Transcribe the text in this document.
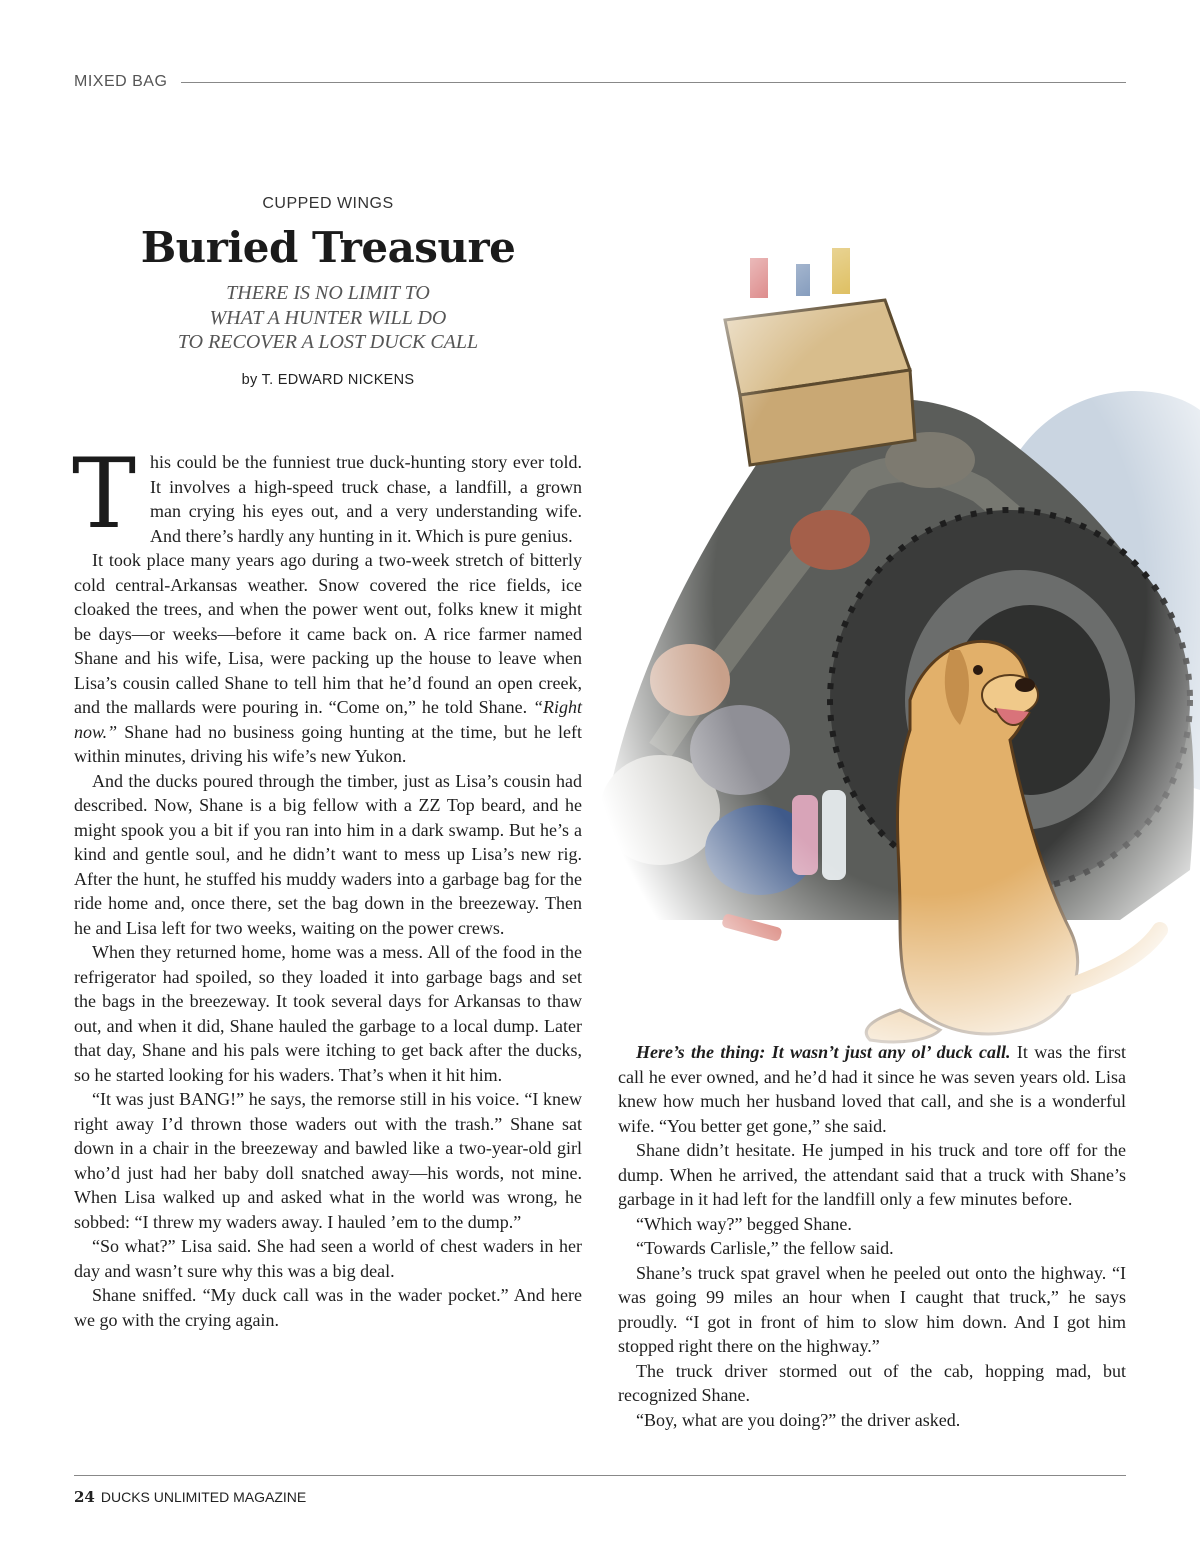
MIXED BAG
CUPPED WINGS
Buried Treasure
THERE IS NO LIMIT TO
WHAT A HUNTER WILL DO
TO RECOVER A LOST DUCK CALL
by T. EDWARD NICKENS

This could be the funniest true duck-hunting story ever told. It involves a high-speed truck chase, a landfill, a grown man crying his eyes out, and a very understanding wife. And there’s hardly any hunting in it. Which is pure genius.

It took place many years ago during a two-week stretch of bitterly cold central-Arkansas weather. Snow covered the rice fields, ice cloaked the trees, and when the power went out, folks knew it might be days—or weeks—before it came back on. A rice farmer named Shane and his wife, Lisa, were packing up the house to leave when Lisa’s cousin called Shane to tell him that he’d found an open creek, and the mallards were pouring in. “Come on,” he told Shane. “Right now.” Shane had no business going hunting at the time, but he left within minutes, driving his wife’s new Yukon.

And the ducks poured through the timber, just as Lisa’s cousin had described. Now, Shane is a big fellow with a ZZ Top beard, and he might spook you a bit if you ran into him in a dark swamp. But he’s a kind and gentle soul, and he didn’t want to mess up Lisa’s new rig. After the hunt, he stuffed his muddy waders into a garbage bag for the ride home and, once there, set the bag down in the breezeway. Then he and Lisa left for two weeks, waiting on the power crews.

When they returned home, home was a mess. All of the food in the refrigerator had spoiled, so they loaded it into garbage bags and set the bags in the breezeway. It took several days for Arkansas to thaw out, and when it did, Shane hauled the garbage to a local dump. Later that day, Shane and his pals were itching to get back after the ducks, so he started looking for his waders. That’s when it hit him.

“It was just BANG!” he says, the remorse still in his voice. “I knew right away I’d thrown those waders out with the trash.” Shane sat down in a chair in the breezeway and bawled like a two-year-old girl who’d just had her baby doll snatched away—his words, not mine. When Lisa walked up and asked what in the world was wrong, he sobbed: “I threw my waders away. I hauled ’em to the dump.”

“So what?” Lisa said. She had seen a world of chest waders in her day and wasn’t sure why this was a big deal.

Shane sniffed. “My duck call was in the wader pocket.” And here we go with the crying again.

Here’s the thing: It wasn’t just any ol’ duck call. It was the first call he ever owned, and he’d had it since he was seven years old. Lisa knew how much her husband loved that call, and she is a wonderful wife. “You better get gone,” she said.

Shane didn’t hesitate. He jumped in his truck and tore off for the dump. When he arrived, the attendant said that a truck with Shane’s garbage in it had left for the landfill only a few minutes before.

“Which way?” begged Shane.

“Towards Carlisle,” the fellow said.

Shane’s truck spat gravel when he peeled out onto the highway. “I was going 99 miles an hour when I caught that truck,” he says proudly. “I got in front of him to slow him down. And I got him stopped right there on the highway.”

The truck driver stormed out of the cab, hopping mad, but recognized Shane.

“Boy, what are you doing?” the driver asked.

24 DUCKS UNLIMITED MAGAZINE
